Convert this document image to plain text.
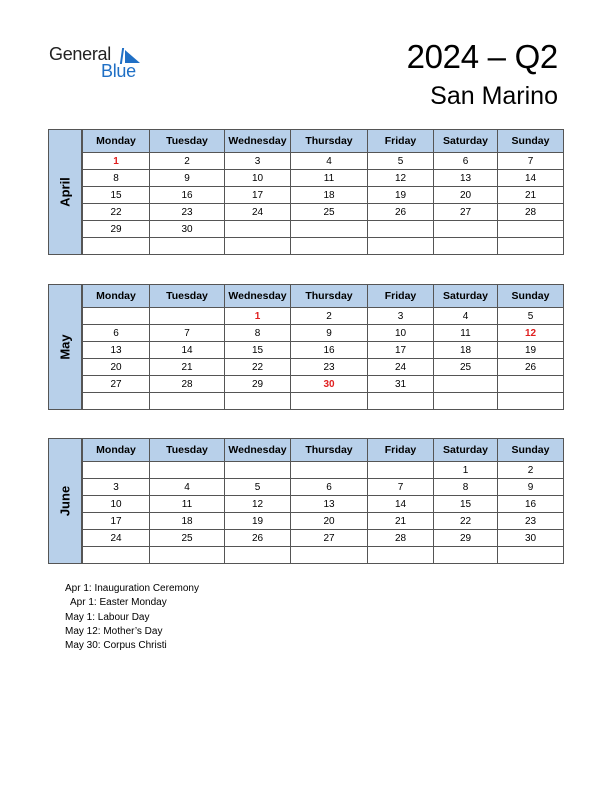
General
Blue	2024 – Q2
San Marino
April
Monday	Tuesday	Wednesday	Thursday	Friday	Saturday	Sunday
1	2	3	4	5	6	7
8	9	10	11	12	13	14
15	16	17	18	19	20	21
22	23	24	25	26	27	28
29	30					

May
Monday	Tuesday	Wednesday	Thursday	Friday	Saturday	Sunday
		1	2	3	4	5
6	7	8	9	10	11	12
13	14	15	16	17	18	19
20	21	22	23	24	25	26
27	28	29	30	31		

June
Monday	Tuesday	Wednesday	Thursday	Friday	Saturday	Sunday
					1	2
3	4	5	6	7	8	9
10	11	12	13	14	15	16
17	18	19	20	21	22	23
24	25	26	27	28	29	30

Apr 1: Inauguration Ceremony
Apr 1: Easter Monday
May 1: Labour Day
May 12: Mother’s Day
May 30: Corpus Christi
